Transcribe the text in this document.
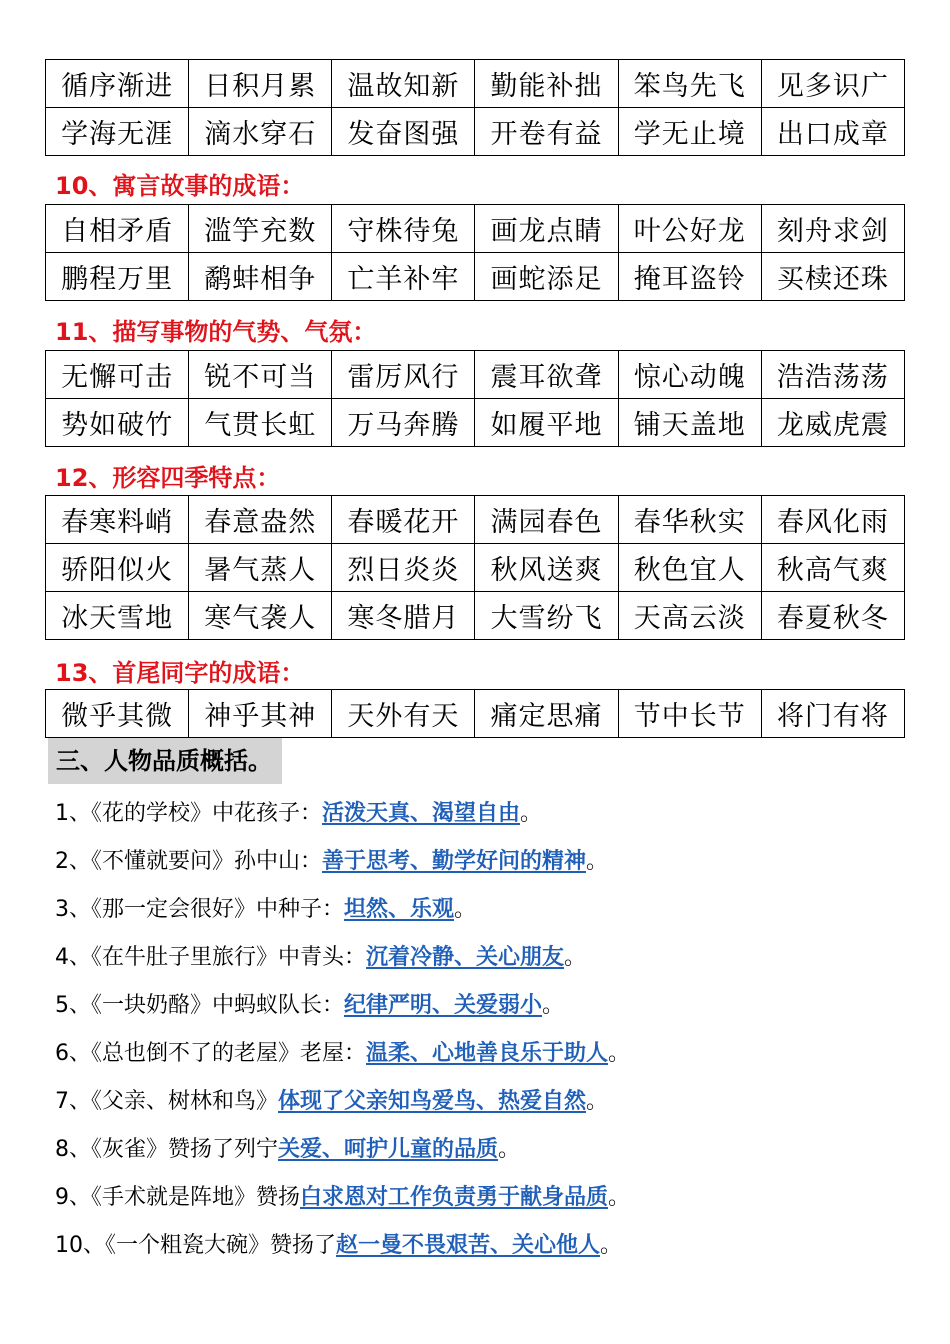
循序渐进	日积月累	温故知新	勤能补拙	笨鸟先飞	见多识广
学海无涯	滴水穿石	发奋图强	开卷有益	学无止境	出口成章
10、寓言故事的成语：
自相矛盾	滥竽充数	守株待兔	画龙点睛	叶公好龙	刻舟求剑
鹏程万里	鹬蚌相争	亡羊补牢	画蛇添足	掩耳盗铃	买椟还珠
11、描写事物的气势、气氛：
无懈可击	锐不可当	雷厉风行	震耳欲聋	惊心动魄	浩浩荡荡
势如破竹	气贯长虹	万马奔腾	如履平地	铺天盖地	龙威虎震
12、形容四季特点：
春寒料峭	春意盎然	春暖花开	满园春色	春华秋实	春风化雨
骄阳似火	暑气蒸人	烈日炎炎	秋风送爽	秋色宜人	秋高气爽
冰天雪地	寒气袭人	寒冬腊月	大雪纷飞	天高云淡	春夏秋冬
13、首尾同字的成语：
微乎其微	神乎其神	天外有天	痛定思痛	节中长节	将门有将
三、人物品质概括。
1、《花的学校》中花孩子：活泼天真、渴望自由。
2、《不懂就要问》孙中山：善于思考、勤学好问的精神。
3、《那一定会很好》中种子：坦然、乐观。
4、《在牛肚子里旅行》中青头：沉着冷静、关心朋友。
5、《一块奶酪》中蚂蚁队长：纪律严明、关爱弱小。
6、《总也倒不了的老屋》老屋：温柔、心地善良乐于助人。
7、《父亲、树林和鸟》体现了父亲知鸟爱鸟、热爱自然。
8、《灰雀》赞扬了列宁关爱、呵护儿童的品质。
9、《手术就是阵地》赞扬白求恩对工作负责勇于献身品质。
10、《一个粗瓷大碗》赞扬了赵一曼不畏艰苦、关心他人。
